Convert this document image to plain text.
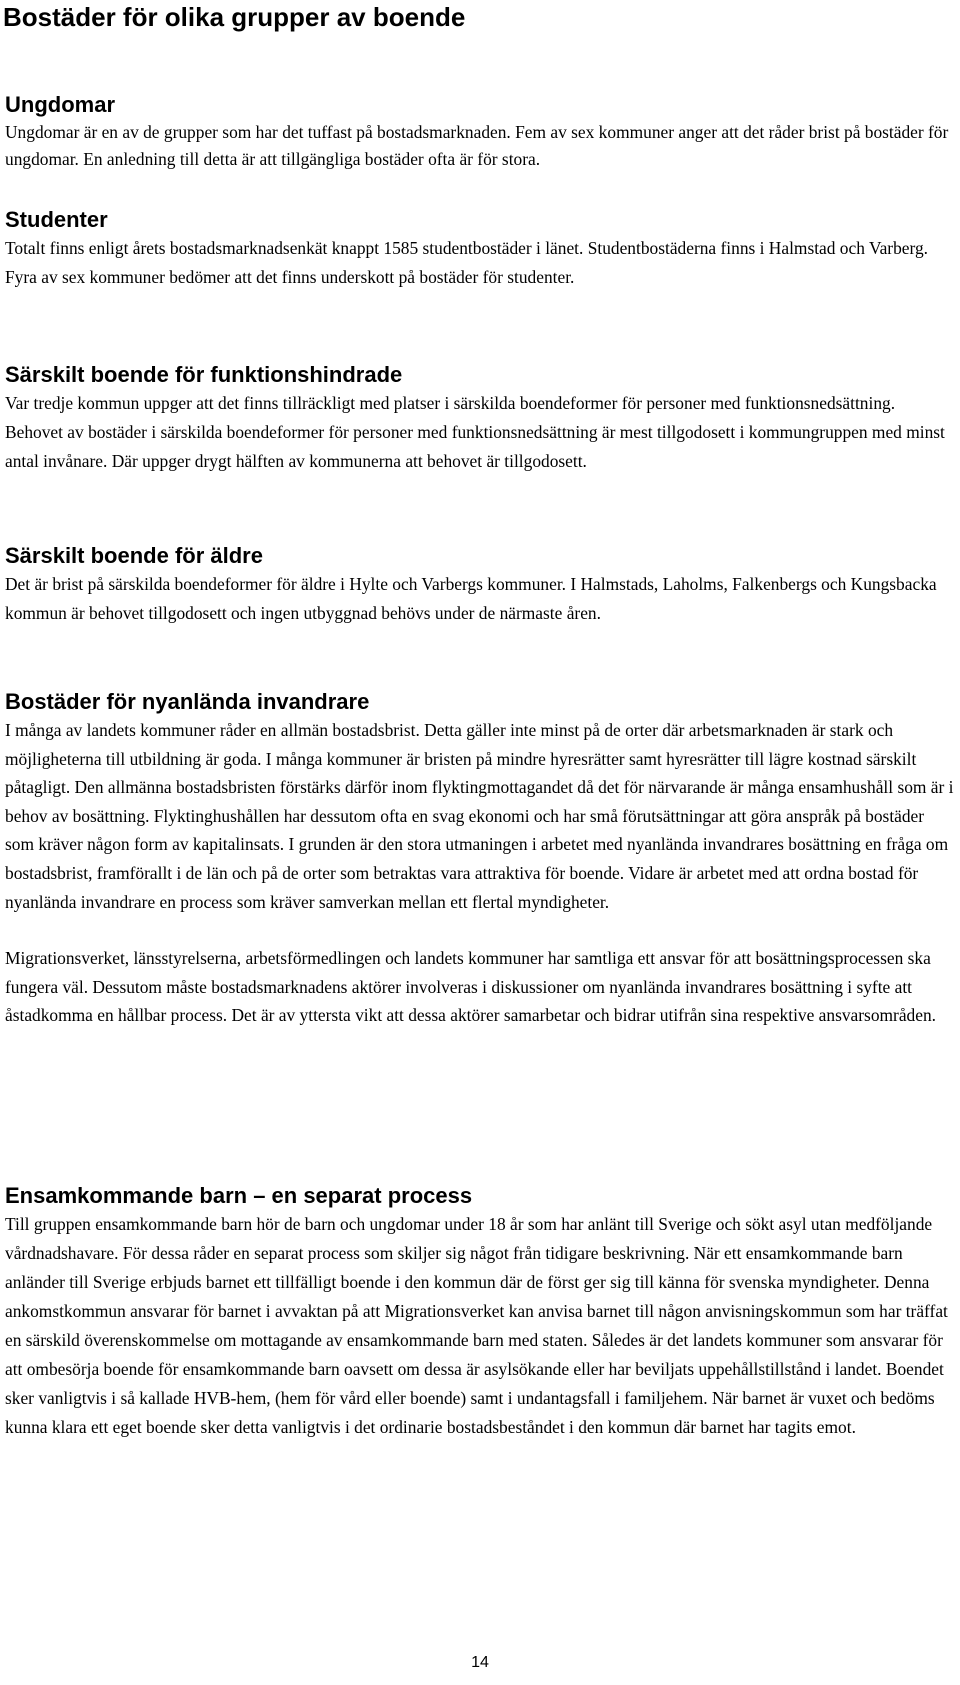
Bostäder för olika grupper av boende
Ungdomar

Ungdomar är en av de grupper som har det tuffast på bostadsmarknaden. Fem av sex kommuner anger att det råder brist på bostäder för ungdomar. En anledning till detta är att tillgängliga bostäder ofta är för stora.

Studenter

Totalt finns enligt årets bostadsmarknadsenkät knappt 1585 studentbostäder i länet. Studentbostäderna finns i Halmstad och Varberg. Fyra av sex kommuner bedömer att det finns underskott på bostäder för studenter.

Särskilt boende för funktionshindrade

Var tredje kommun uppger att det finns tillräckligt med platser i särskilda boendeformer för personer med funktionsnedsättning. Behovet av bostäder i särskilda boendeformer för personer med funktionsnedsättning är mest tillgodosett i kommungruppen med minst antal invånare. Där uppger drygt hälften av kommunerna att behovet är tillgodosett.

Särskilt boende för äldre

Det är brist på särskilda boendeformer för äldre i Hylte och Varbergs kommuner. I Halmstads, Laholms, Falkenbergs och Kungsbacka kommun är behovet tillgodosett och ingen utbyggnad behövs under de närmaste åren.

Bostäder för nyanlända invandrare

I många av landets kommuner råder en allmän bostadsbrist. Detta gäller inte minst på de orter där arbetsmarknaden är stark och möjligheterna till utbildning är goda. I många kommuner är bristen på mindre hyresrätter samt hyresrätter till lägre kostnad särskilt påtagligt. Den allmänna bostadsbristen förstärks därför inom flyktingmottagandet då det för närvarande är många ensamhushåll som är i behov av bosättning. Flyktinghushållen har dessutom ofta en svag ekonomi och har små förutsättningar att göra anspråk på bostäder som kräver någon form av kapitalinsats. I grunden är den stora utmaningen i arbetet med nyanlända invandrares bosättning en fråga om bostadsbrist, framförallt i de län och på de orter som betraktas vara attraktiva för boende. Vidare är arbetet med att ordna bostad för nyanlända invandrare en process som kräver samverkan mellan ett flertal myndigheter.

Migrationsverket, länsstyrelserna, arbetsförmedlingen och landets kommuner har samtliga ett ansvar för att bosättningsprocessen ska fungera väl. Dessutom måste bostadsmarknadens aktörer involveras i diskussioner om nyanlända invandrares bosättning i syfte att åstadkomma en hållbar process. Det är av yttersta vikt att dessa aktörer samarbetar och bidrar utifrån sina respektive ansvarsområden.

Ensamkommande barn – en separat process

Till gruppen ensamkommande barn hör de barn och ungdomar under 18 år som har anlänt till Sverige och sökt asyl utan medföljande vårdnadshavare. För dessa råder en separat process som skiljer sig något från tidigare beskrivning. När ett ensamkommande barn anländer till Sverige erbjuds barnet ett tillfälligt boende i den kommun där de först ger sig till känna för svenska myndigheter. Denna ankomstkommun ansvarar för barnet i avvaktan på att Migrationsverket kan anvisa barnet till någon anvisningskommun som har träffat en särskild överenskommelse om mottagande av ensamkommande barn med staten. Således är det landets kommuner som ansvarar för att ombesörja boende för ensamkommande barn oavsett om dessa är asylsökande eller har beviljats uppehållstillstånd i landet. Boendet sker vanligtvis i så kallade HVB-hem, (hem för vård eller boende) samt i undantagsfall i familjehem. När barnet är vuxet och bedöms kunna klara ett eget boende sker detta vanligtvis i det ordinarie bostadsbeståndet i den kommun där barnet har tagits emot.

14
